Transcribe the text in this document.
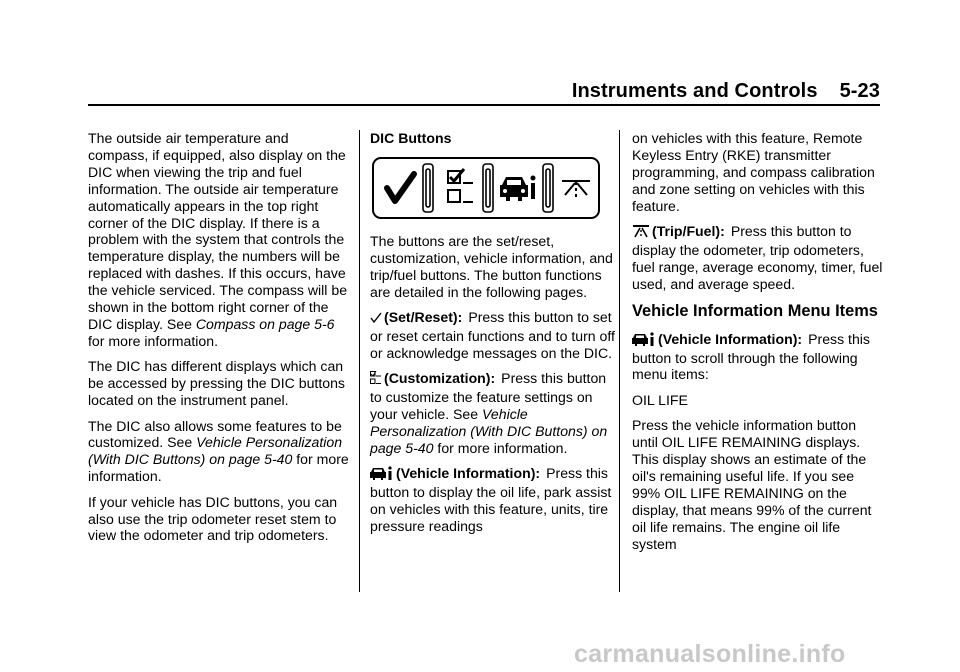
Instruments and Controls 5-23

The outside air temperature and compass, if equipped, also display on the DIC when viewing the trip and fuel information. The outside air temperature automatically appears in the top right corner of the DIC display. If there is a problem with the system that controls the temperature display, the numbers will be replaced with dashes. If this occurs, have the vehicle serviced. The compass will be shown in the bottom right corner of the DIC display. See Compass on page 5-6 for more information.

The DIC has different displays which can be accessed by pressing the DIC buttons located on the instrument panel.

The DIC also allows some features to be customized. See Vehicle Personalization (With DIC Buttons) on page 5-40 for more information.

If your vehicle has DIC buttons, you can also use the trip odometer reset stem to view the odometer and trip odometers.

DIC Buttons

The buttons are the set/reset, customization, vehicle information, and trip/fuel buttons. The button functions are detailed in the following pages.

(Set/Reset): Press this button to set or reset certain functions and to turn off or acknowledge messages on the DIC.

(Customization): Press this button to customize the feature settings on your vehicle. See Vehicle Personalization (With DIC Buttons) on page 5-40 for more information.

(Vehicle Information): Press this button to display the oil life, park assist on vehicles with this feature, units, tire pressure readings

on vehicles with this feature, Remote Keyless Entry (RKE) transmitter programming, and compass calibration and zone setting on vehicles with this feature.

(Trip/Fuel): Press this button to display the odometer, trip odometers, fuel range, average economy, timer, fuel used, and average speed.

Vehicle Information Menu Items

(Vehicle Information): Press this button to scroll through the following menu items:

OIL LIFE

Press the vehicle information button until OIL LIFE REMAINING displays. This display shows an estimate of the oil's remaining useful life. If you see 99% OIL LIFE REMAINING on the display, that means 99% of the current oil life remains. The engine oil life system

carmanualsonline.info
